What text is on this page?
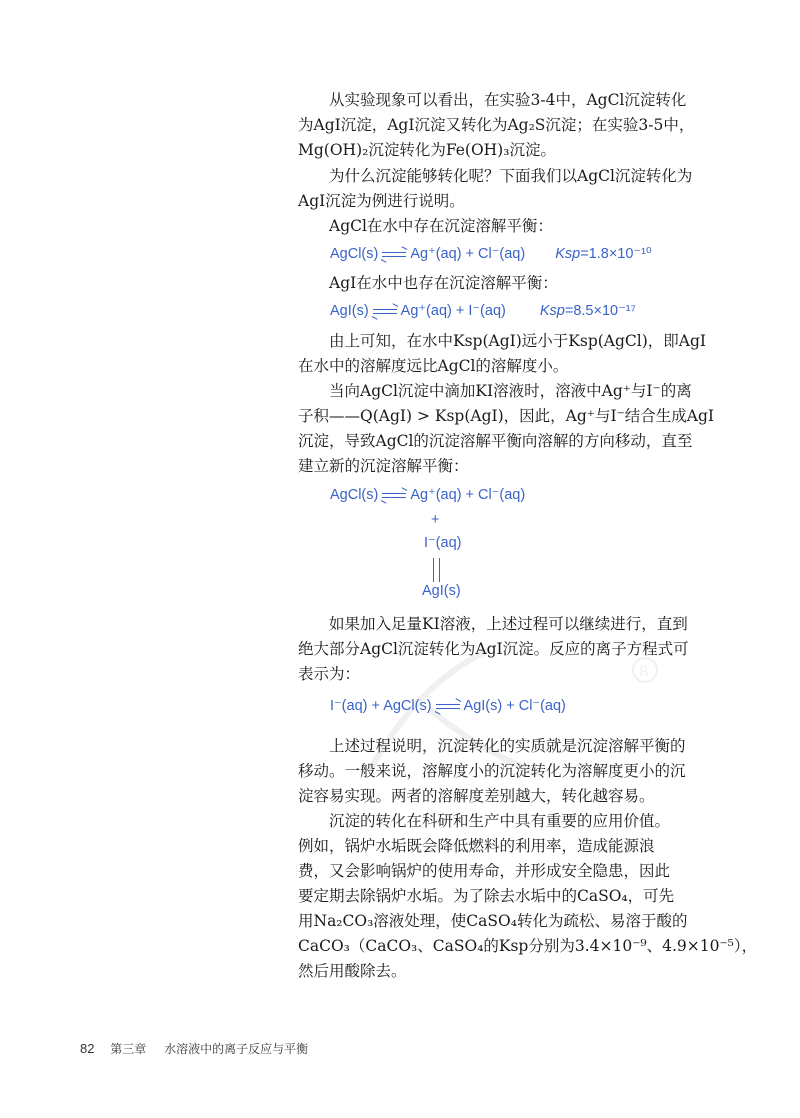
R

从实验现象可以看出，在实验3-4中，AgCl沉淀转化
为AgI沉淀，AgI沉淀又转化为Ag₂S沉淀；在实验3-5中，
Mg(OH)₂沉淀转化为Fe(OH)₃沉淀。

为什么沉淀能够转化呢？下面我们以AgCl沉淀转化为
AgI沉淀为例进行说明。

AgCl在水中存在沉淀溶解平衡：

AgCl(s) Ag⁺(aq) + Cl⁻(aq) Ksp=1.8×10⁻¹⁰

AgI在水中也存在沉淀溶解平衡：

AgI(s) Ag⁺(aq) + I⁻(aq) Ksp=8.5×10⁻¹⁷

由上可知，在水中Ksp(AgI)远小于Ksp(AgCl)，即AgI
在水中的溶解度远比AgCl的溶解度小。

当向AgCl沉淀中滴加KI溶液时，溶液中Ag⁺与I⁻的离
子积——Q(AgI) > Ksp(AgI)，因此，Ag⁺与I⁻结合生成AgI
沉淀，导致AgCl的沉淀溶解平衡向溶解的方向移动，直至
建立新的沉淀溶解平衡：

AgCl(s) Ag⁺(aq) + Cl⁻(aq)
+
I⁻(aq)
AgI(s)

如果加入足量KI溶液，上述过程可以继续进行，直到
绝大部分AgCl沉淀转化为AgI沉淀。反应的离子方程式可
表示为：

I⁻(aq) + AgCl(s) AgI(s) + Cl⁻(aq)

上述过程说明，沉淀转化的实质就是沉淀溶解平衡的
移动。一般来说，溶解度小的沉淀转化为溶解度更小的沉
淀容易实现。两者的溶解度差别越大，转化越容易。

沉淀的转化在科研和生产中具有重要的应用价值。
例如，锅炉水垢既会降低燃料的利用率，造成能源浪
费，又会影响锅炉的使用寿命，并形成安全隐患，因此
要定期去除锅炉水垢。为了除去水垢中的CaSO₄，可先
用Na₂CO₃溶液处理，使CaSO₄转化为疏松、易溶于酸的
CaCO₃（CaCO₃、CaSO₄的Ksp分别为3.4×10⁻⁹、4.9×10⁻⁵），
然后用酸除去。

82 第三章 水溶液中的离子反应与平衡
